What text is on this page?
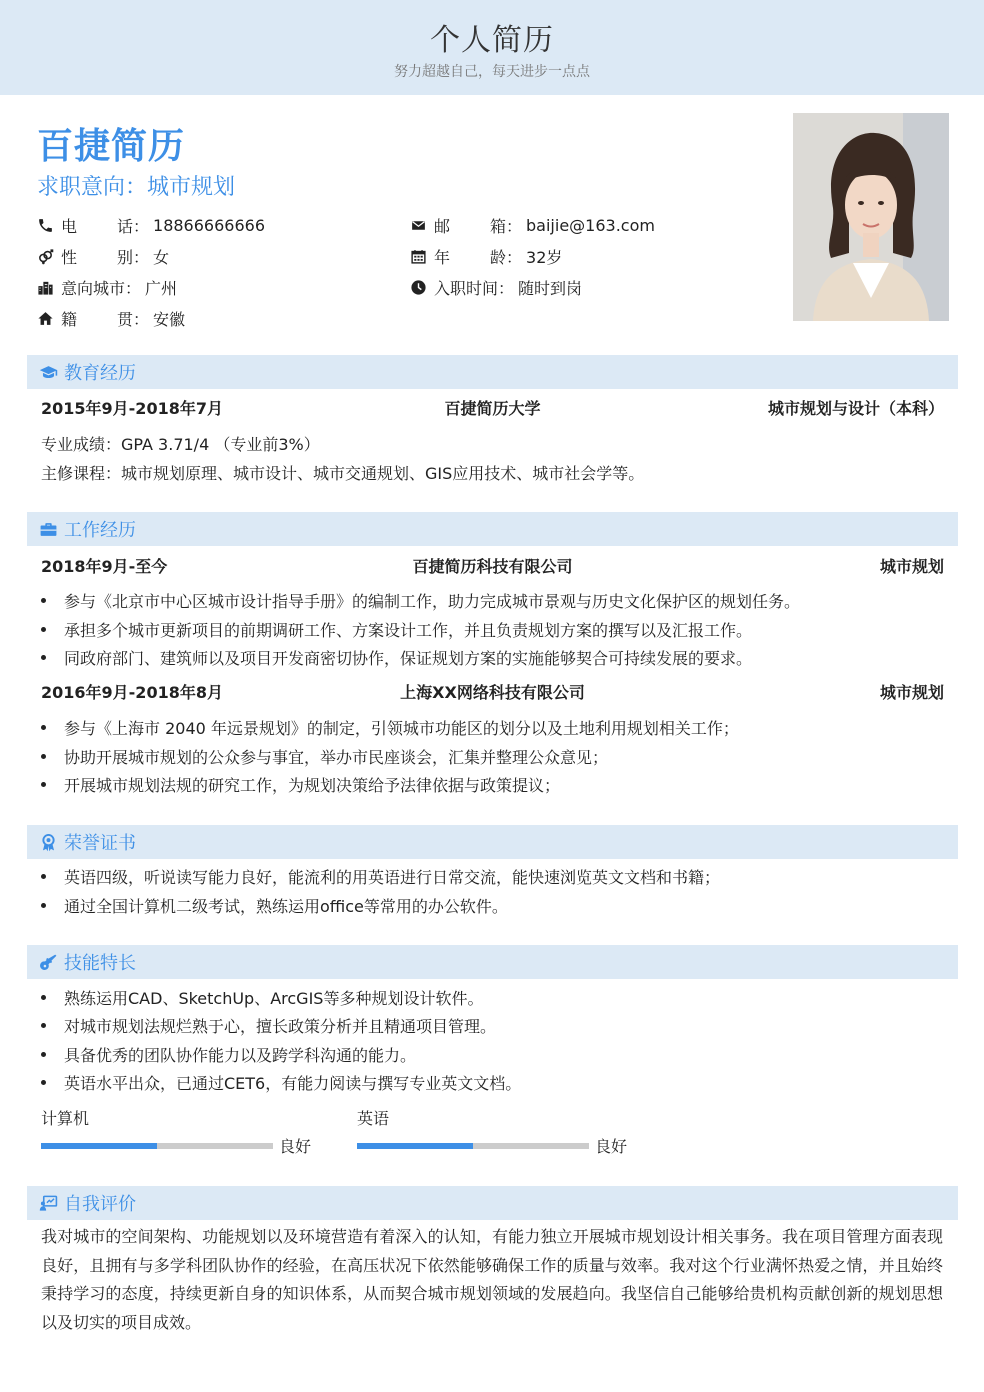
个人简历
努力超越自己，每天进步一点点
百捷简历
求职意向：城市规划
电话 ： 18866666666	邮箱 ： baijie@163.com
性别 ： 女	年龄 ： 32岁
意向城市 ： 广州	入职时间 ： 随时到岗
籍贯 ： 安徽
教育经历
2015年9月-2018年7月	百捷简历大学	城市规划与设计（本科）
专业成绩：GPA 3.71/4 （专业前3%）
主修课程：城市规划原理、城市设计、城市交通规划、GIS应用技术、城市社会学等。
工作经历
2018年9月-至今	百捷简历科技有限公司	城市规划
参与《北京市中心区城市设计指导手册》的编制工作，助力完成城市景观与历史文化保护区的规划任务。
承担多个城市更新项目的前期调研工作、方案设计工作，并且负责规划方案的撰写以及汇报工作。
同政府部门、建筑师以及项目开发商密切协作，保证规划方案的实施能够契合可持续发展的要求。
2016年9月-2018年8月	上海XX网络科技有限公司	城市规划
参与《上海市 2040 年远景规划》的制定，引领城市功能区的划分以及土地利用规划相关工作；
协助开展城市规划的公众参与事宜，举办市民座谈会，汇集并整理公众意见；
开展城市规划法规的研究工作，为规划决策给予法律依据与政策提议；
荣誉证书
英语四级，听说读写能力良好，能流利的用英语进行日常交流，能快速浏览英文文档和书籍；
通过全国计算机二级考试，熟练运用office等常用的办公软件。
技能特长
熟练运用CAD、SketchUp、ArcGIS等多种规划设计软件。
对城市规划法规烂熟于心，擅长政策分析并且精通项目管理。
具备优秀的团队协作能力以及跨学科沟通的能力。
英语水平出众，已通过CET6，有能力阅读与撰写专业英文文档。
计算机
良好
英语
良好
自我评价
我对城市的空间架构、功能规划以及环境营造有着深入的认知，有能力独立开展城市规划设计相关事务。我在项目管理方面表现良好，且拥有与多学科团队协作的经验，在高压状况下依然能够确保工作的质量与效率。我对这个行业满怀热爱之情，并且始终秉持学习的态度，持续更新自身的知识体系，从而契合城市规划领域的发展趋向。我坚信自己能够给贵机构贡献创新的规划思想以及切实的项目成效。
